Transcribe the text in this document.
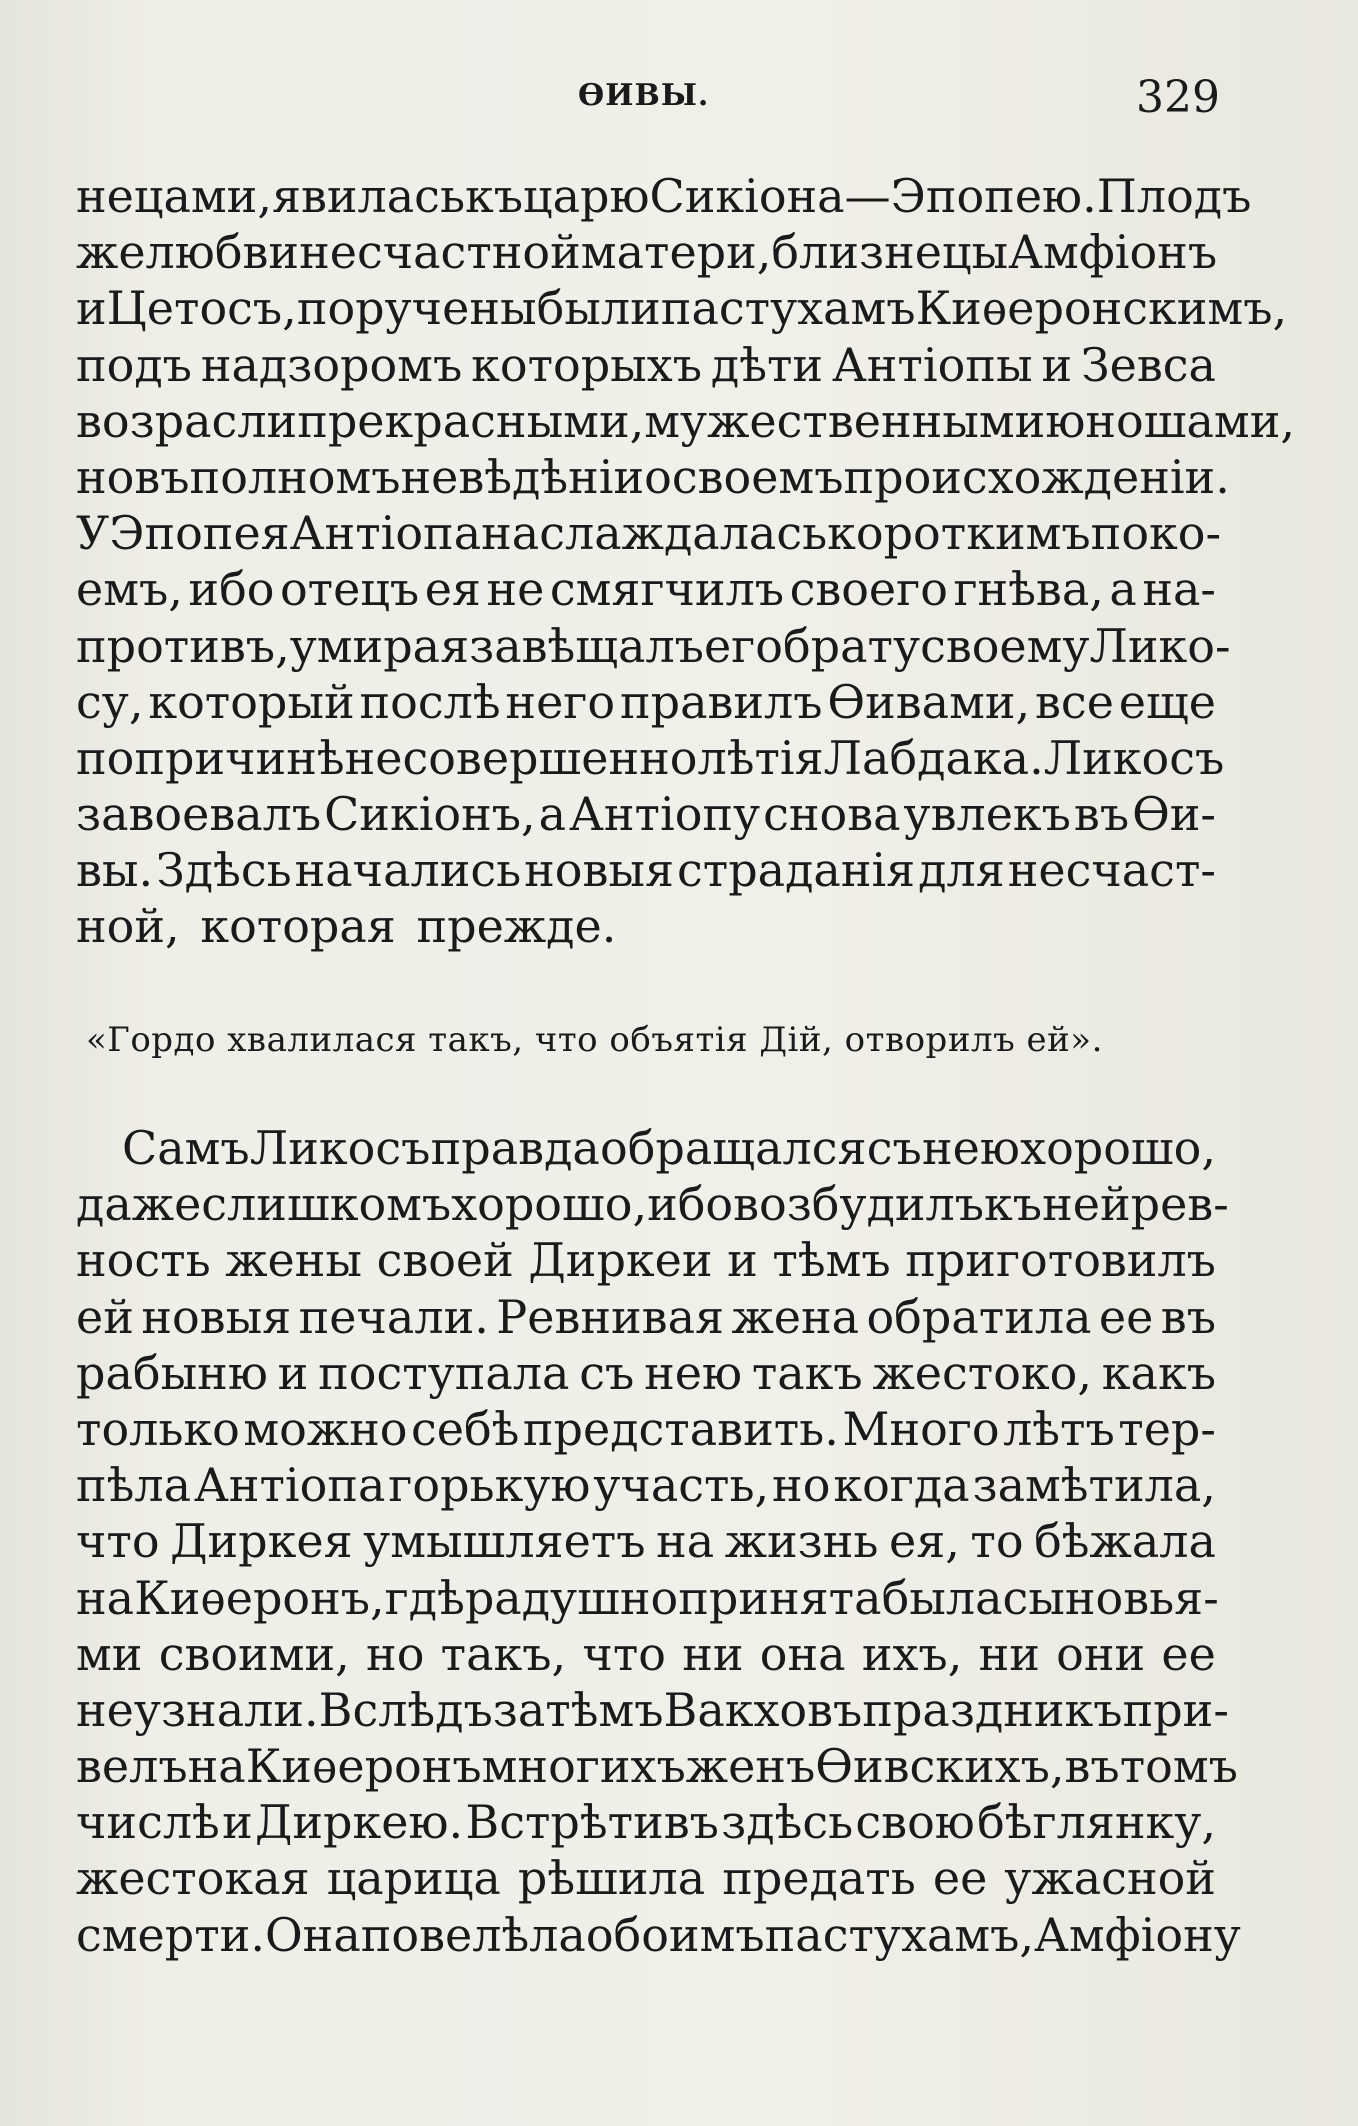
ѲИВЫ.	329
нецами, явилась къ царю Сикіона — Эпопею. Плодъ
же любви несчастной матери, близнецы Амфіонъ
и Цетосъ, поручены были пастухамъ Киѳеронскимъ,
подъ надзоромъ которыхъ дѣти Антіопы и Зевса
возрасли прекрасными, мужественными юношами,
но въ полномъ невѣдѣніи о своемъ происхожденіи.
У Эпопея Антіопа наслаждалась короткимъ поко-
емъ, ибо отецъ ея не смягчилъ своего гнѣва, а на-
противъ, умирая завѣщалъ его брату своему Лико-
су, который послѣ него правилъ Ѳивами, все еще
по причинѣ несовершеннолѣтія Лабдака. Ликосъ
завоевалъ Сикіонъ, а Антіопу снова увлекъ въ Ѳи-
вы. Здѣсь начались новыя страданія для несчаст-
ной, которая прежде.
«Гордо хвалилася такъ, что объятія Дій, отворилъ ей».
Самъ Ликосъ правда обращался съ нею хорошо,
даже слишкомъ хорошо, ибо возбудилъ къ ней рев-
ность жены своей Диркеи и тѣмъ приготовилъ
ей новыя печали. Ревнивая жена обратила ее въ
рабыню и поступала съ нею такъ жестоко, какъ
только можно себѣ представить. Много лѣтъ тер-
пѣла Антіопа горькую участь, но когда замѣтила,
что Диркея умышляетъ на жизнь ея, то бѣжала
на Киѳеронъ, гдѣ радушно принята была сыновья-
ми своими, но такъ, что ни она ихъ, ни они ее
не узнали. Вслѣдъ затѣмъ Вакховъ праздникъ при-
велъ на Киѳеронъ многихъ женъ Ѳивскихъ, въ томъ
числѣ и Диркею. Встрѣтивъ здѣсь свою бѣглянку,
жестокая царица рѣшила предать ее ужасной
смерти. Она повелѣла обоимъ пастухамъ, Амфіону
